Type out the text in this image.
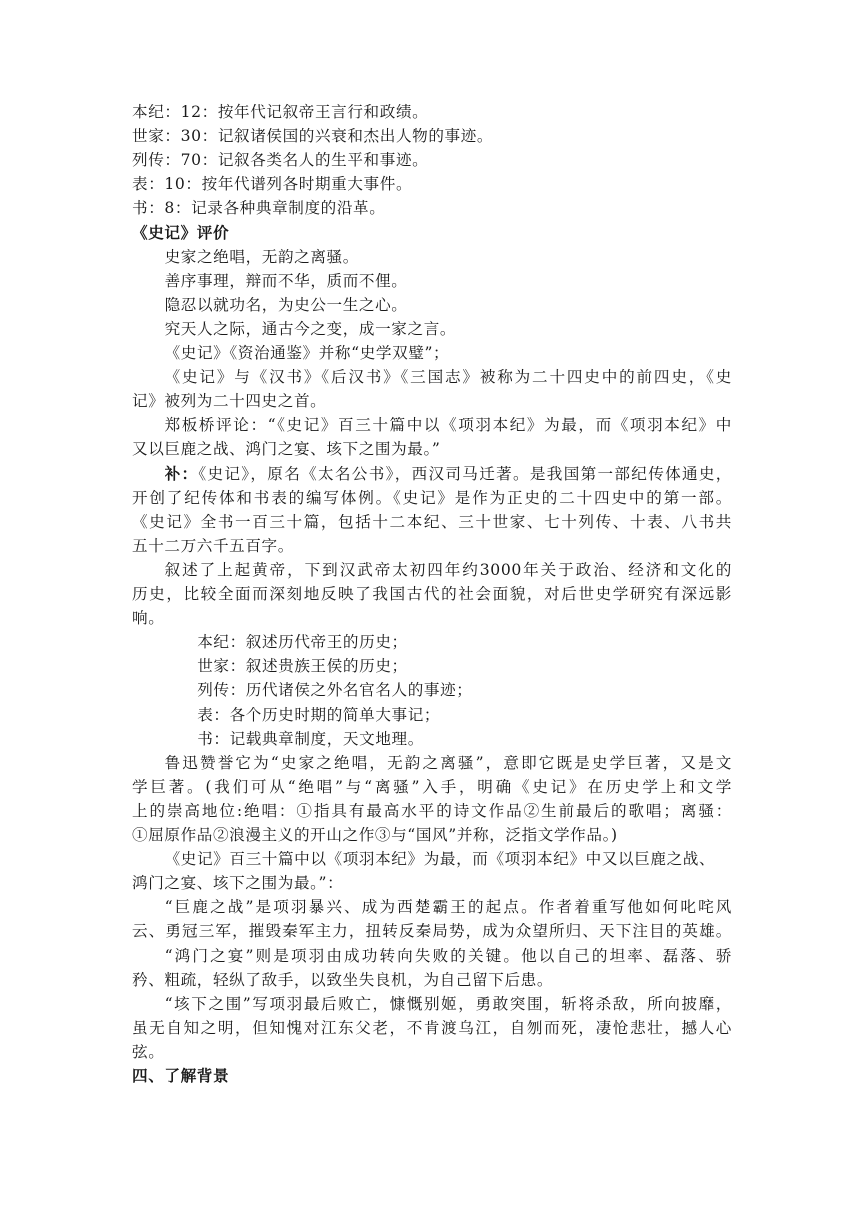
本纪：12：按年代记叙帝王言行和政绩。
世家：30：记叙诸侯国的兴衰和杰出人物的事迹。
列传：70：记叙各类名人的生平和事迹。
表：10：按年代谱列各时期重大事件。
书：8：记录各种典章制度的沿革。
《史记》评价
史家之绝唱，无韵之离骚。
善序事理，辩而不华，质而不俚。
隐忍以就功名，为史公一生之心。
究天人之际，通古今之变，成一家之言。
《史记》《资治通鉴》并称“史学双璧”；
《史记》与《汉书》《后汉书》《三国志》被称为二十四史中的前四史，《史
记》被列为二十四史之首。
郑板桥评论：“《史记》百三十篇中以《项羽本纪》为最，而《项羽本纪》中
又以巨鹿之战、鸿门之宴、垓下之围为最。”
补：《史记》，原名《太名公书》，西汉司马迁著。是我国第一部纪传体通史，
开创了纪传体和书表的编写体例。《史记》是作为正史的二十四史中的第一部。
《史记》全书一百三十篇，包括十二本纪、三十世家、七十列传、十表、八书共
五十二万六千五百字。
叙述了上起黄帝，下到汉武帝太初四年约3000年关于政治、经济和文化的
历史，比较全面而深刻地反映了我国古代的社会面貌，对后世史学研究有深远影
响。
本纪：叙述历代帝王的历史；
世家：叙述贵族王侯的历史；
列传：历代诸侯之外名官名人的事迹；
表：各个历史时期的简单大事记；
书：记载典章制度，天文地理。
鲁迅赞誉它为“史家之绝唱，无韵之离骚”，意即它既是史学巨著，又是文
学巨著。(我们可从“绝唱”与“离骚”入手，明确《史记》在历史学上和文学
上的崇高地位:绝唱：①指具有最高水平的诗文作品②生前最后的歌唱；离骚：
①屈原作品②浪漫主义的开山之作③与“国风”并称，泛指文学作品。)
《史记》百三十篇中以《项羽本纪》为最，而《项羽本纪》中又以巨鹿之战、
鸿门之宴、垓下之围为最。”：
“巨鹿之战”是项羽暴兴、成为西楚霸王的起点。作者着重写他如何叱咤风
云、勇冠三军，摧毁秦军主力，扭转反秦局势，成为众望所归、天下注目的英雄。
“鸿门之宴”则是项羽由成功转向失败的关键。他以自己的坦率、磊落、骄
矜、粗疏，轻纵了敌手，以致坐失良机，为自己留下后患。
“垓下之围”写项羽最后败亡，慷慨别姬，勇敢突围，斩将杀敌，所向披靡，
虽无自知之明，但知愧对江东父老，不肯渡乌江，自刎而死，凄怆悲壮，撼人心
弦。
四、了解背景
